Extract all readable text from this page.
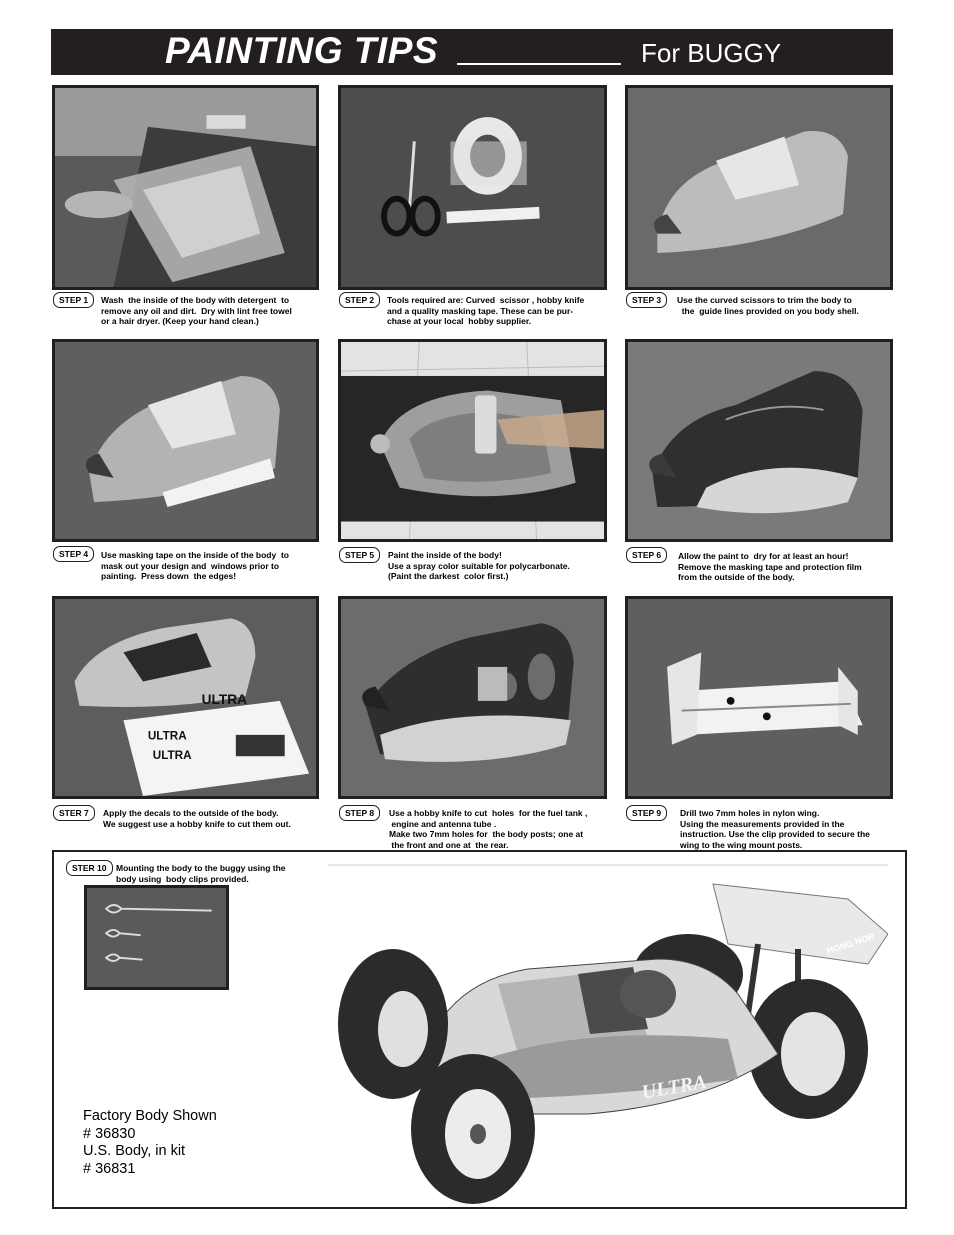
PAINTING TIPS	For BUGGY
STEP 1	Wash  the inside of the body with detergent  to
remove any oil and dirt.  Dry with lint free towel
or a hair dryer. (Keep your hand clean.)
STEP 2	Tools required are: Curved  scissor , hobby knife
and a quality masking tape. These can be pur-
chase at your local  hobby supplier.
STEP 3	Use the curved scissors to trim the body to
the  guide lines provided on you body shell.
STEP 4	Use masking tape on the inside of the body  to
mask out your design and  windows prior to
painting.  Press down  the edges!
STEP 5	Paint the inside of the body!
Use a spray color suitable for polycarbonate.
(Paint the darkest  color first.)
STEP 6	Allow the paint to  dry for at least an hour!
Remove the masking tape and protection film
from the outside of the body.
ULTRA
ULTRA
ULTRA
STER 7	Apply the decals to the outside of the body.
We suggest use a hobby knife to cut them out.
STEP 8	Use a hobby knife to cut  holes  for the fuel tank ,
engine and antenna tube .
Make two 7mm holes for  the body posts; one at
the front and one at  the rear.
STEP 9	Drill two 7mm holes in nylon wing.
Using the measurements provided in the
instruction. Use the clip provided to secure the
wing to the wing mount posts.
STER 10	Mounting the body to the buggy using the
body using  body clips provided.
HONG NOR
ULTRA
Factory Body Shown
# 36830
U.S. Body, in kit
# 36831
